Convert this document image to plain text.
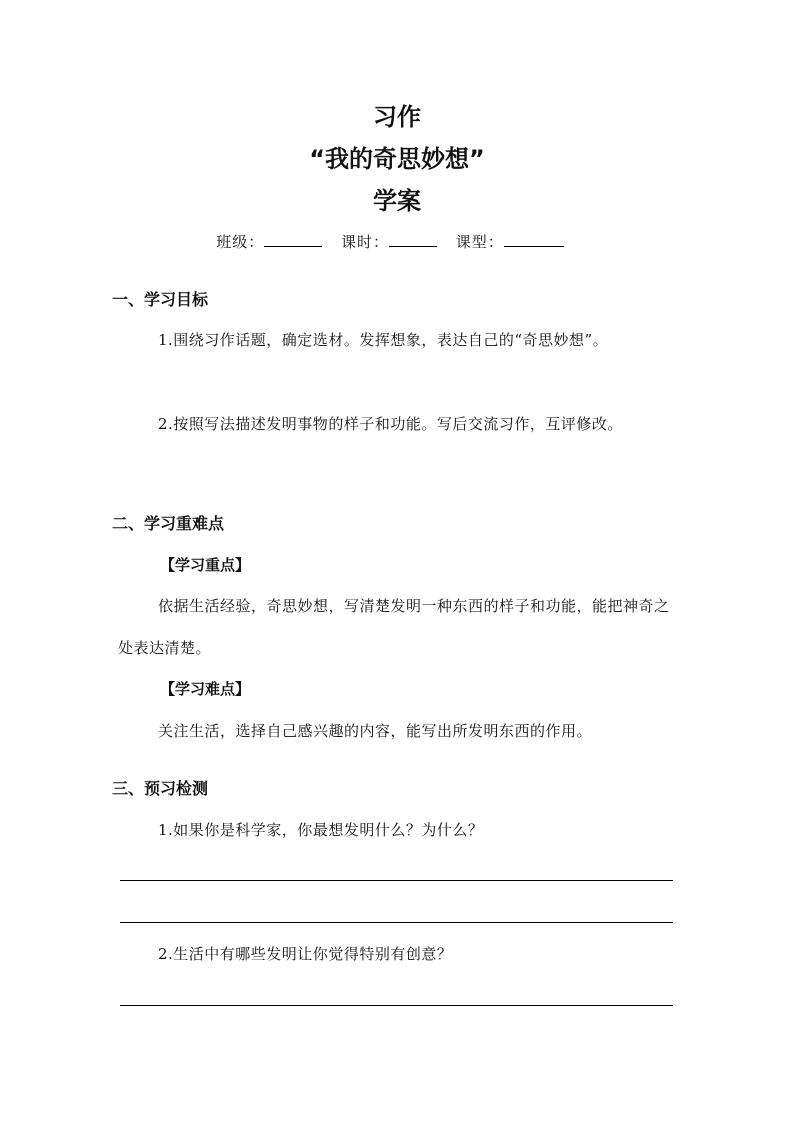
习作
“我的奇思妙想”
学案
班级：	课时：	课型：
一、学习目标
1.围绕习作话题，确定选材。发挥想象，表达自己的“奇思妙想”。
2.按照写法描述发明事物的样子和功能。写后交流习作，互评修改。
二、学习重难点
【学习重点】
依据生活经验，奇思妙想，写清楚发明一种东西的样子和功能，能把神奇之处表达清楚。
【学习难点】
关注生活，选择自己感兴趣的内容，能写出所发明东西的作用。
三、预习检测
1.如果你是科学家，你最想发明什么？为什么？
2.生活中有哪些发明让你觉得特别有创意？
